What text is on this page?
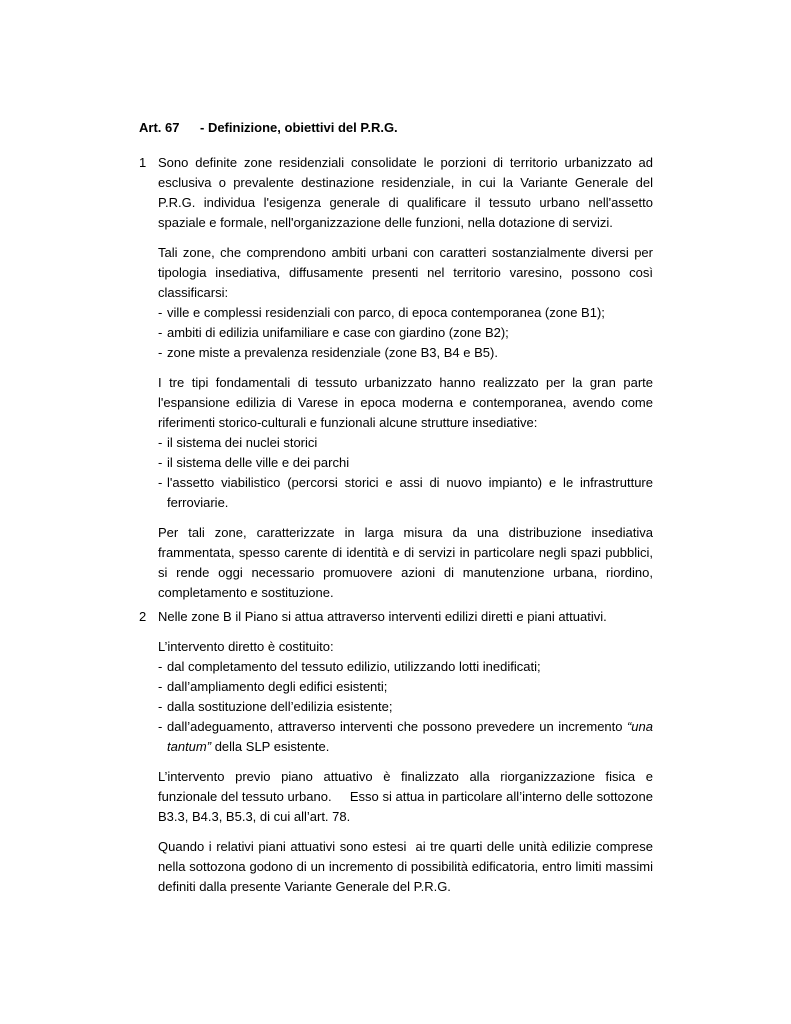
Art. 67 - Definizione, obiettivi del P.R.G.
1 Sono definite zone residenziali consolidate le porzioni di territorio urbanizzato ad esclusiva o prevalente destinazione residenziale, in cui la Variante Generale del P.R.G. individua l'esigenza generale di qualificare il tessuto urbano nell'assetto spaziale e formale, nell'organizzazione delle funzioni, nella dotazione di servizi.

Tali zone, che comprendono ambiti urbani con caratteri sostanzialmente diversi per tipologia insediativa, diffusamente presenti nel territorio varesino, possono così classificarsi:

- ville e complessi residenziali con parco, di epoca contemporanea (zone B1);
- ambiti di edilizia unifamiliare e case con giardino (zone B2);
- zone miste a prevalenza residenziale (zone B3, B4 e B5).

I tre tipi fondamentali di tessuto urbanizzato hanno realizzato per la gran parte l'espansione edilizia di Varese in epoca moderna e contemporanea, avendo come riferimenti storico-culturali e funzionali alcune strutture insediative:

- il sistema dei nuclei storici
- il sistema delle ville e dei parchi
- l'assetto viabilistico (percorsi storici e assi di nuovo impianto) e le infrastrutture ferroviarie.

Per tali zone, caratterizzate in larga misura da una distribuzione insediativa frammentata, spesso carente di identità e di servizi in particolare negli spazi pubblici, si rende oggi necessario promuovere azioni di manutenzione urbana, riordino, completamento e sostituzione.

2 Nelle zone B il Piano si attua attraverso interventi edilizi diretti e piani attuativi.

L’intervento diretto è costituito:

- dal completamento del tessuto edilizio, utilizzando lotti inedificati;
- dall’ampliamento degli edifici esistenti;
- dalla sostituzione dell’edilizia esistente;
- dall’adeguamento, attraverso interventi che possono prevedere un incremento “una tantum” della SLP esistente.

L’intervento previo piano attuativo è finalizzato alla riorganizzazione fisica e funzionale del tessuto urbano.     Esso si attua in particolare all’interno delle sottozone B3.3, B4.3, B5.3, di cui all’art. 78.

Quando i relativi piani attuativi sono estesi  ai tre quarti delle unità edilizie comprese nella sottozona godono di un incremento di possibilità edificatoria, entro limiti massimi definiti dalla presente Variante Generale del P.R.G.
